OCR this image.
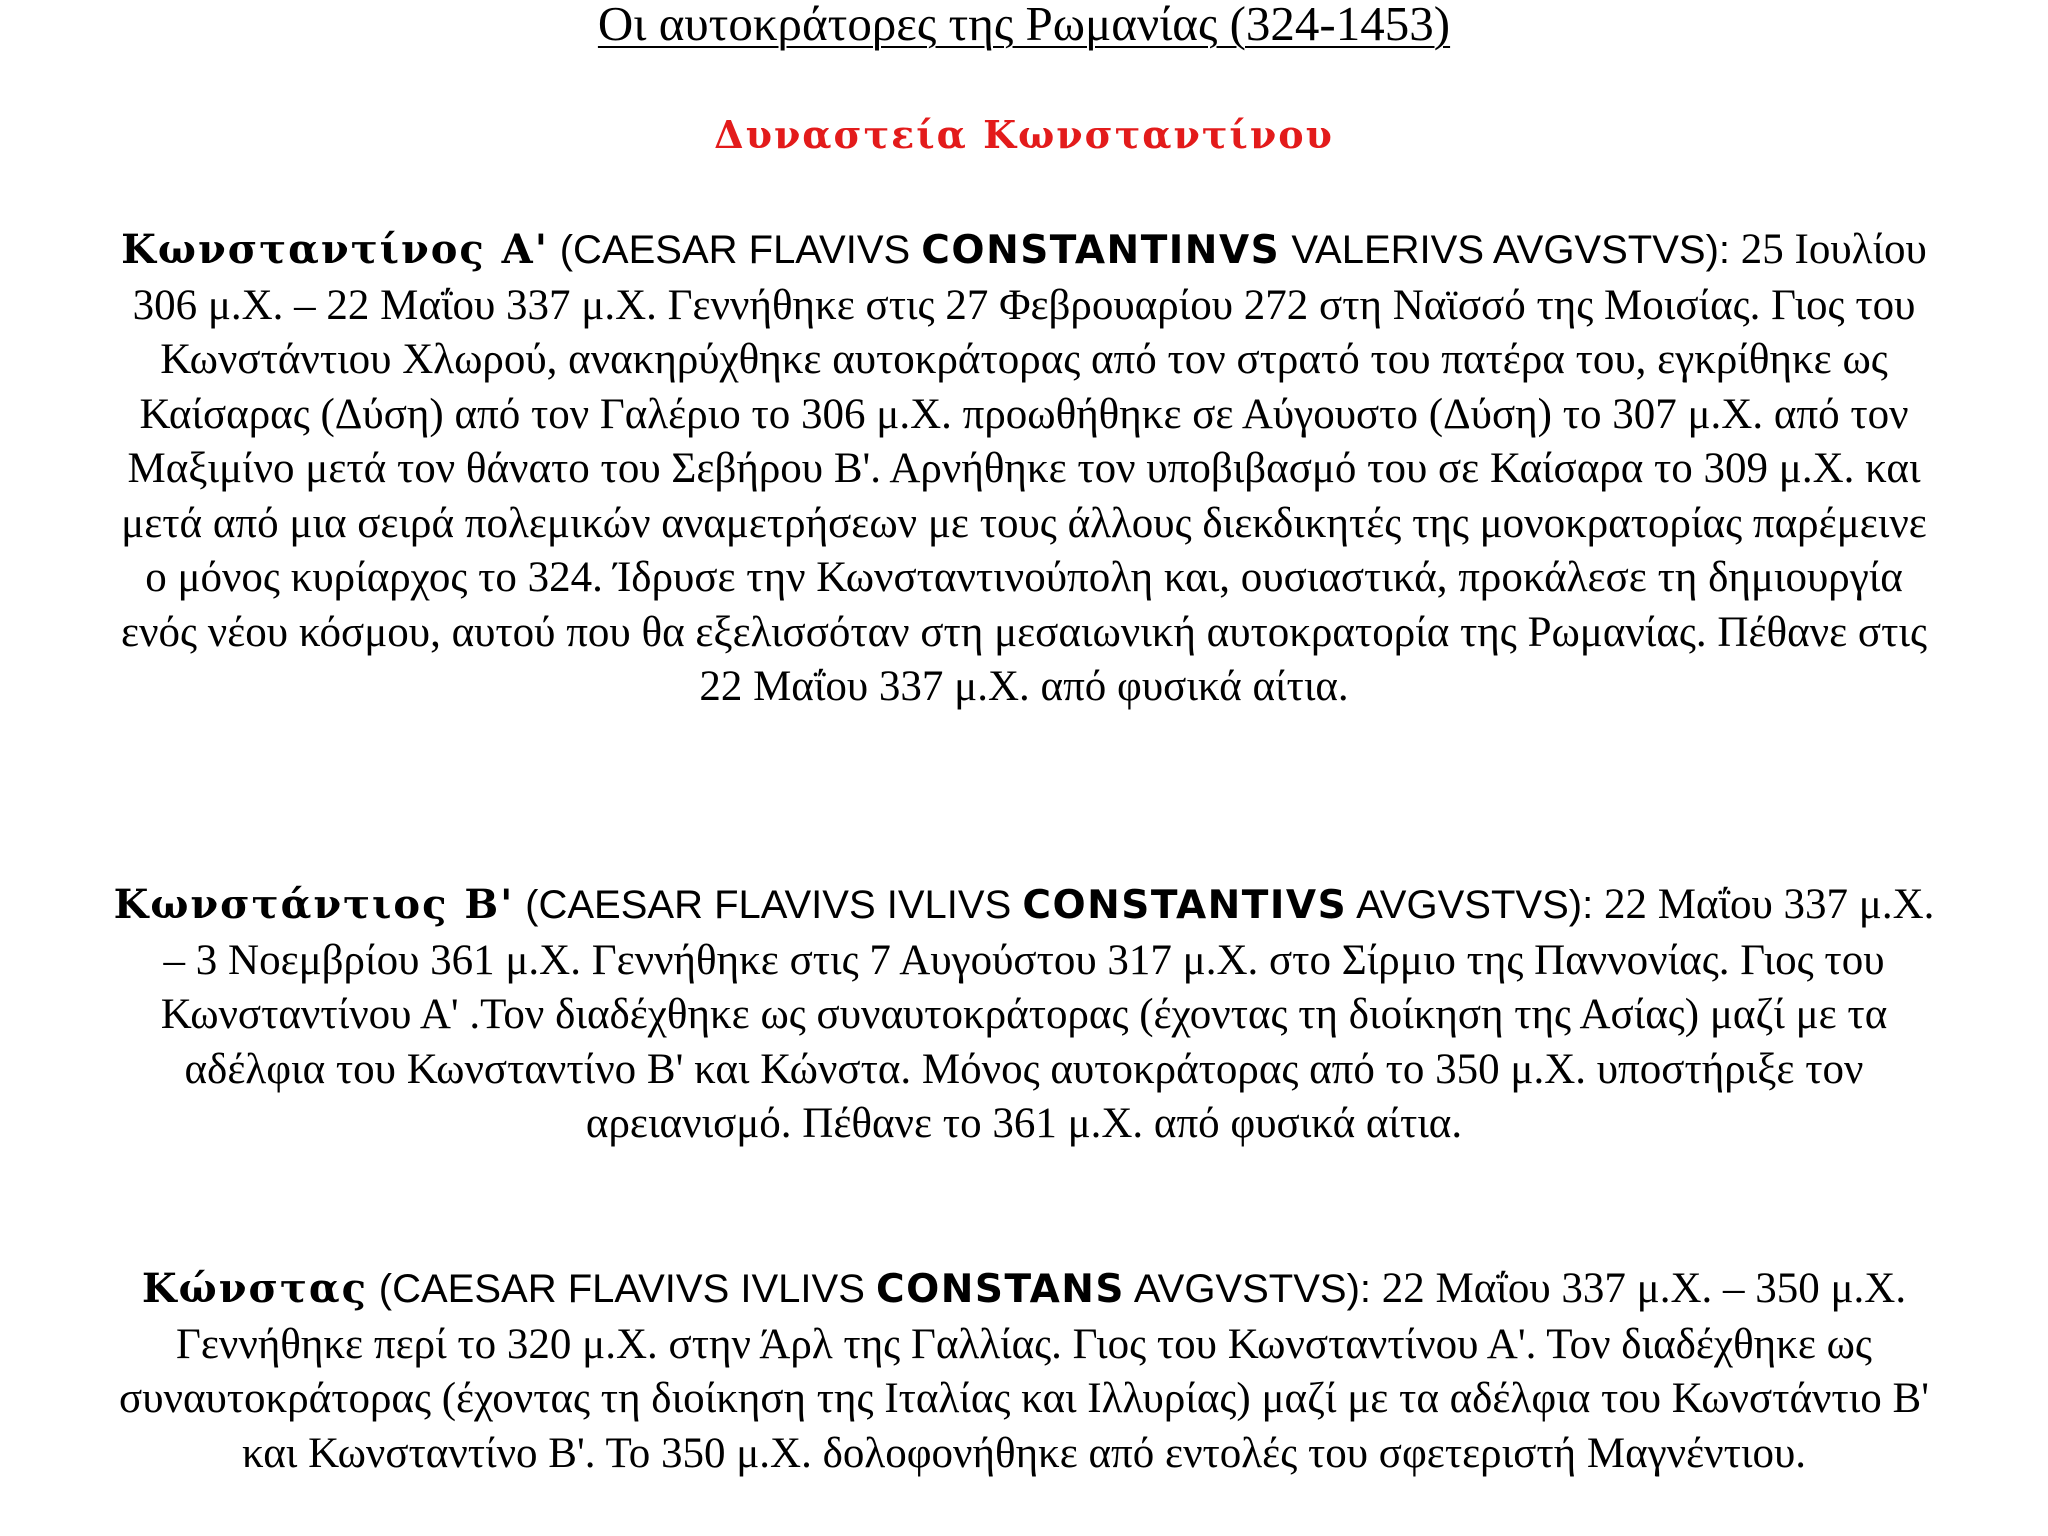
Οι αυτοκράτορες της Ρωμανίας (324-1453)
Δυναστεία Κωνσταντίνου

Κωνσταντίνος Α' (CAESAR FLAVIVS CONSTANTINVS VALERIVS AVGVSTVS): 25 Ιουλίου 306 μ.Χ. – 22 Μαΐου 337 μ.Χ. Γεννήθηκε στις 27 Φεβρουαρίου 272 στη Ναϊσσό της Μοισίας. Γιος του Κωνστάντιου Χλωρού, ανακηρύχθηκε αυτοκράτορας από τον στρατό του πατέρα του, εγκρίθηκε ως Καίσαρας (Δύση) από τον Γαλέριο το 306 μ.Χ. προωθήθηκε σε Αύγουστο (Δύση) το 307 μ.Χ. από τον Μαξιμίνο μετά τον θάνατο του Σεβήρου Β'. Αρνήθηκε τον υποβιβασμό του σε Καίσαρα το 309 μ.Χ. και μετά από μια σειρά πολεμικών αναμετρήσεων με τους άλλους διεκδικητές της μονοκρατορίας παρέμεινε ο μόνος κυρίαρχος το 324. Ίδρυσε την Κωνσταντινούπολη και, ουσιαστικά, προκάλεσε τη δημιουργία ενός νέου κόσμου, αυτού που θα εξελισσόταν στη μεσαιωνική αυτοκρατορία της Ρωμανίας. Πέθανε στις 22 Μαΐου 337 μ.Χ. από φυσικά αίτια.

Κωνστάντιος Β' (CAESAR FLAVIVS IVLIVS CONSTANTIVS AVGVSTVS): 22 Μαΐου 337 μ.Χ. – 3 Νοεμβρίου 361 μ.Χ. Γεννήθηκε στις 7 Αυγούστου 317 μ.Χ. στο Σίρμιο της Παννονίας. Γιος του Κωνσταντίνου Α' .Τον διαδέχθηκε ως συναυτοκράτορας (έχοντας τη διοίκηση της Ασίας) μαζί με τα αδέλφια του Κωνσταντίνο Β' και Κώνστα. Μόνος αυτοκράτορας από το 350 μ.Χ. υποστήριξε τον αρειανισμό. Πέθανε το 361 μ.Χ. από φυσικά αίτια.

Κώνστας (CAESAR FLAVIVS IVLIVS CONSTANS AVGVSTVS): 22 Μαΐου 337 μ.Χ. – 350 μ.Χ. Γεννήθηκε περί το 320 μ.Χ. στην Άρλ της Γαλλίας. Γιος του Κωνσταντίνου Α'. Τον διαδέχθηκε ως συναυτοκράτορας (έχοντας τη διοίκηση της Ιταλίας και Ιλλυρίας) μαζί με τα αδέλφια του Κωνστάντιο Β' και Κωνσταντίνο Β'. Το 350 μ.Χ. δολοφονήθηκε από εντολές του σφετεριστή Μαγνέντιου.
